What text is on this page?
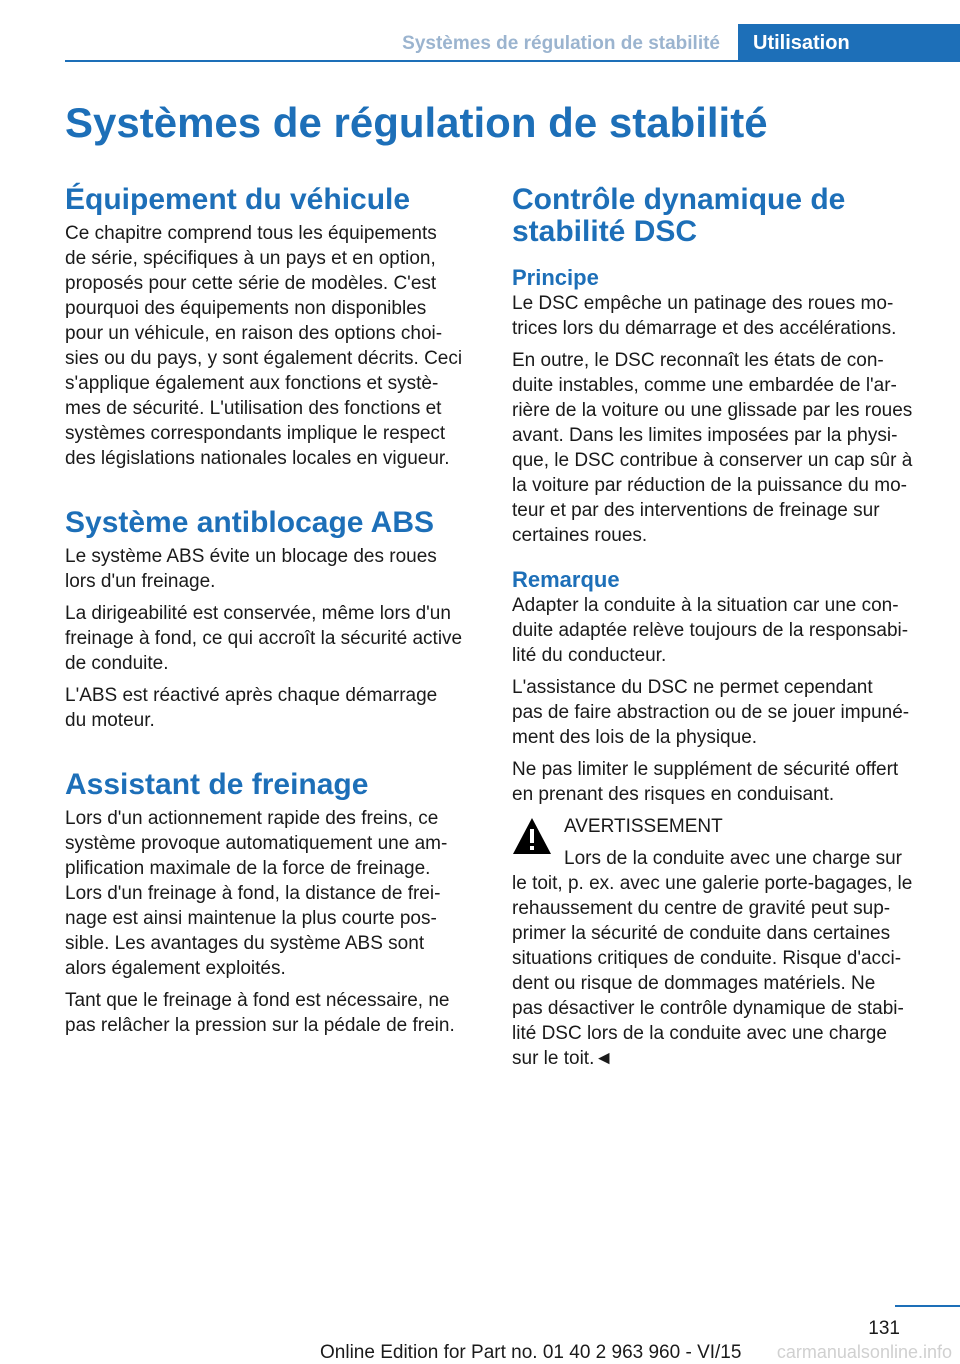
Systèmes de régulation de stabilité	Utilisation
Systèmes de régulation de stabilité
Équipement du véhicule

Ce chapitre comprend tous les équipements
de série, spécifiques à un pays et en option,
proposés pour cette série de modèles. C'est
pourquoi des équipements non disponibles
pour un véhicule, en raison des options choi‐
sies ou du pays, y sont également décrits. Ceci
s'applique également aux fonctions et systè‐
mes de sécurité. L'utilisation des fonctions et
systèmes correspondants implique le respect
des législations nationales locales en vigueur.

Système antiblocage ABS

Le système ABS évite un blocage des roues
lors d'un freinage.

La dirigeabilité est conservée, même lors d'un
freinage à fond, ce qui accroît la sécurité active
de conduite.

L'ABS est réactivé après chaque démarrage
du moteur.

Assistant de freinage

Lors d'un actionnement rapide des freins, ce
système provoque automatiquement une am‐
plification maximale de la force de freinage.
Lors d'un freinage à fond, la distance de frei‐
nage est ainsi maintenue la plus courte pos‐
sible. Les avantages du système ABS sont
alors également exploités.

Tant que le freinage à fond est nécessaire, ne
pas relâcher la pression sur la pédale de frein.

Contrôle dynamique de
stabilité DSC
Principe

Le DSC empêche un patinage des roues mo‐
trices lors du démarrage et des accélérations.

En outre, le DSC reconnaît les états de con‐
duite instables, comme une embardée de l'ar‐
rière de la voiture ou une glissade par les roues
avant. Dans les limites imposées par la physi‐
que, le DSC contribue à conserver un cap sûr à
la voiture par réduction de la puissance du mo‐
teur et par des interventions de freinage sur
certaines roues.

Remarque

Adapter la conduite à la situation car une con‐
duite adaptée relève toujours de la responsabi‐
lité du conducteur.

L'assistance du DSC ne permet cependant
pas de faire abstraction ou de se jouer impuné‐
ment des lois de la physique.

Ne pas limiter le supplément de sécurité offert
en prenant des risques en conduisant.

AVERTISSEMENT

Lors de la conduite avec une charge sur

le toit, p. ex. avec une galerie porte-bagages, le
rehaussement du centre de gravité peut sup‐
primer la sécurité de conduite dans certaines
situations critiques de conduite. Risque d'acci‐
dent ou risque de dommages matériels. Ne
pas désactiver le contrôle dynamique de stabi‐
lité DSC lors de la conduite avec une charge
sur le toit.◄

131
Online Edition for Part no. 01 40 2 963 960 - VI/15 carmanualsonline.info
